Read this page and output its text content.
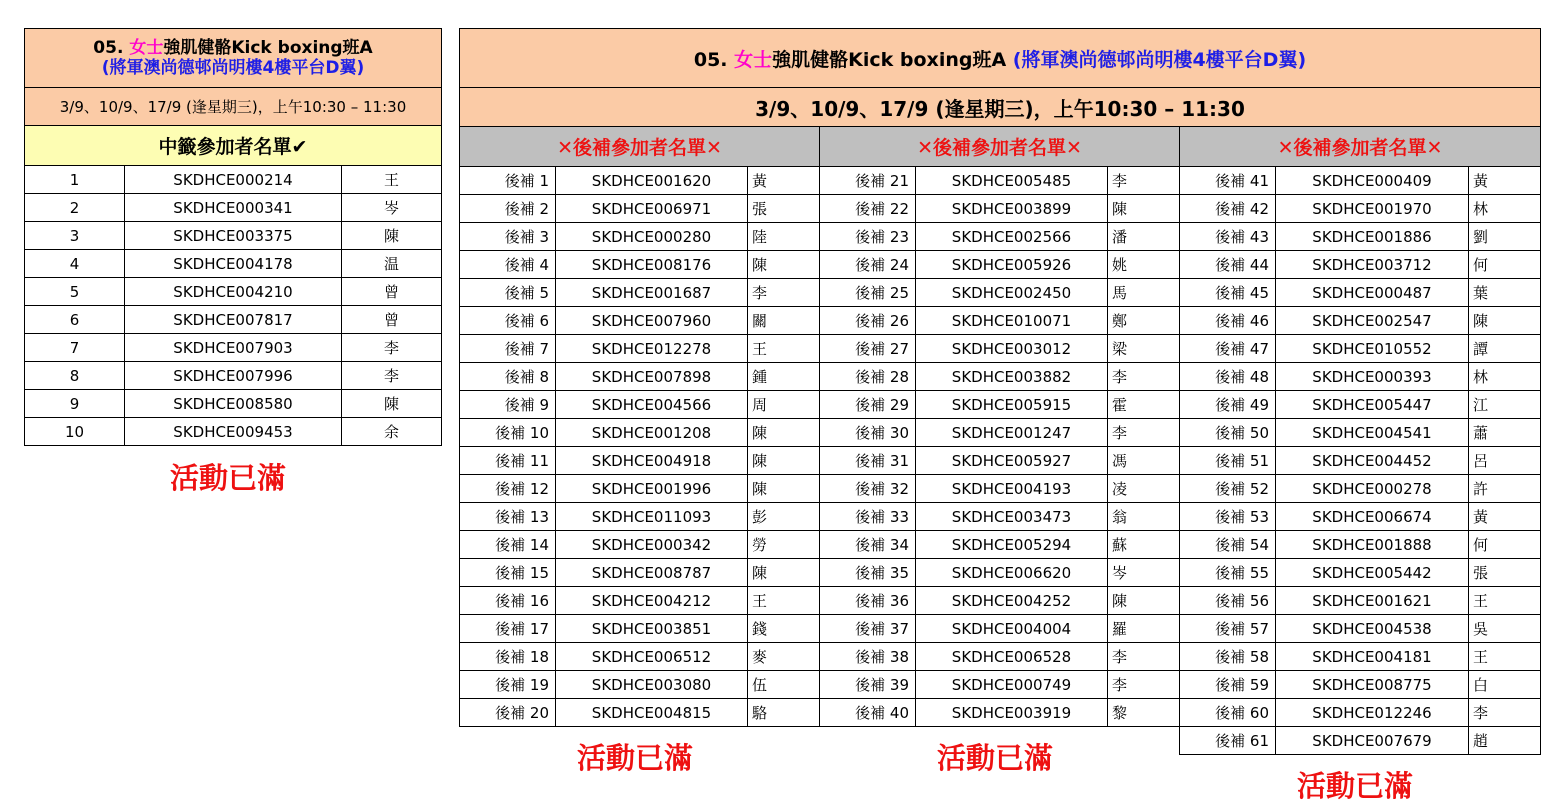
05. 女士強肌健骼Kick boxing班A
(將軍澳尚德邨尚明樓4樓平台D翼)		
3/9、10/9、17/9 (逢星期三)，上午10:30 – 11:30		
中籤參加者名單✔		
1	SKDHCE000214	王
2	SKDHCE000341	岑
3	SKDHCE003375	陳
4	SKDHCE004178	温
5	SKDHCE004210	曾
6	SKDHCE007817	曾
7	SKDHCE007903	李
8	SKDHCE007996	李
9	SKDHCE008580	陳
10	SKDHCE009453	余
活動已滿
05. 女士強肌健骼Kick boxing班A (將軍澳尚德邨尚明樓4樓平台D翼)								
3/9、10/9、17/9 (逢星期三)，上午10:30 – 11:30								
✕後補參加者名單✕			✕後補參加者名單✕			✕後補參加者名單✕		
後補 1	SKDHCE001620	黃	後補 21	SKDHCE005485	李	後補 41	SKDHCE000409	黃
後補 2	SKDHCE006971	張	後補 22	SKDHCE003899	陳	後補 42	SKDHCE001970	林
後補 3	SKDHCE000280	陸	後補 23	SKDHCE002566	潘	後補 43	SKDHCE001886	劉
後補 4	SKDHCE008176	陳	後補 24	SKDHCE005926	姚	後補 44	SKDHCE003712	何
後補 5	SKDHCE001687	李	後補 25	SKDHCE002450	馬	後補 45	SKDHCE000487	葉
後補 6	SKDHCE007960	關	後補 26	SKDHCE010071	鄭	後補 46	SKDHCE002547	陳
後補 7	SKDHCE012278	王	後補 27	SKDHCE003012	梁	後補 47	SKDHCE010552	譚
後補 8	SKDHCE007898	鍾	後補 28	SKDHCE003882	李	後補 48	SKDHCE000393	林
後補 9	SKDHCE004566	周	後補 29	SKDHCE005915	霍	後補 49	SKDHCE005447	江
後補 10	SKDHCE001208	陳	後補 30	SKDHCE001247	李	後補 50	SKDHCE004541	蕭
後補 11	SKDHCE004918	陳	後補 31	SKDHCE005927	馮	後補 51	SKDHCE004452	呂
後補 12	SKDHCE001996	陳	後補 32	SKDHCE004193	凌	後補 52	SKDHCE000278	許
後補 13	SKDHCE011093	彭	後補 33	SKDHCE003473	翁	後補 53	SKDHCE006674	黃
後補 14	SKDHCE000342	勞	後補 34	SKDHCE005294	蘇	後補 54	SKDHCE001888	何
後補 15	SKDHCE008787	陳	後補 35	SKDHCE006620	岑	後補 55	SKDHCE005442	張
後補 16	SKDHCE004212	王	後補 36	SKDHCE004252	陳	後補 56	SKDHCE001621	王
後補 17	SKDHCE003851	錢	後補 37	SKDHCE004004	羅	後補 57	SKDHCE004538	吳
後補 18	SKDHCE006512	麥	後補 38	SKDHCE006528	李	後補 58	SKDHCE004181	王
後補 19	SKDHCE003080	伍	後補 39	SKDHCE000749	李	後補 59	SKDHCE008775	白
後補 20	SKDHCE004815	駱	後補 40	SKDHCE003919	黎	後補 60	SKDHCE012246	李
						後補 61	SKDHCE007679	趙
活動已滿	活動已滿
活動已滿
